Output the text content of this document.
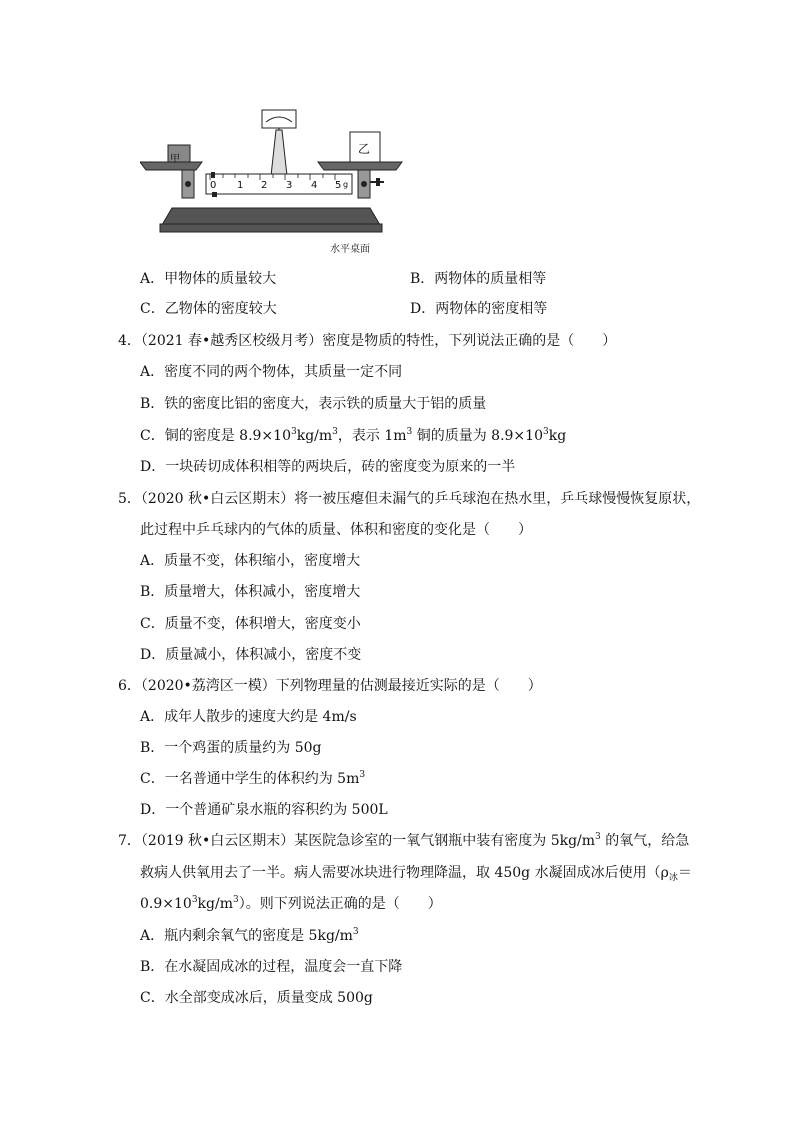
甲
乙
0 1 2 3 4 5 g
水平桌面
A．甲物体的质量较大	B．两物体的质量相等
C．乙物体的密度较大	D．两物体的密度相等
4．（2021 春•越秀区校级月考）密度是物质的特性，下列说法正确的是（　　）
A．密度不同的两个物体，其质量一定不同
B．铁的密度比铝的密度大，表示铁的质量大于铝的质量
C．铜的密度是 $8.9\times 10^3kg/m^3$，表示 $1m^3$ 铜的质量为 $8.9\times 10^3kg$
D．一块砖切成体积相等的两块后，砖的密度变为原来的一半
5．（2020 秋•白云区期末）将一被压瘪但未漏气的乒乓球泡在热水里，乒乓球慢慢恢复原状，
此过程中乒乓球内的气体的质量、体积和密度的变化是（　　）
A．质量不变，体积缩小，密度增大
B．质量增大，体积减小，密度增大
C．质量不变，体积增大，密度变小
D．质量减小，体积减小，密度不变
6．（2020•荔湾区一模）下列物理量的估测最接近实际的是（　　）
A．成年人散步的速度大约是 4m/s
B．一个鸡蛋的质量约为 50g
C．一名普通中学生的体积约为 $5m^3$
D．一个普通矿泉水瓶的容积约为 500L
7．（2019 秋•白云区期末）某医院急诊室的一氧气钢瓶中装有密度为 $5kg/m^3$ 的氧气，给急
救病人供氧用去了一半。病人需要冰块进行物理降温，取 450g 水凝固成冰后使用（$\rho_冰=$
$0.9\times 10^3kg/m^3$）。则下列说法正确的是（　　）
A．瓶内剩余氧气的密度是 $5kg/m^3$
B．在水凝固成冰的过程，温度会一直下降
C．水全部变成冰后，质量变成 500g
